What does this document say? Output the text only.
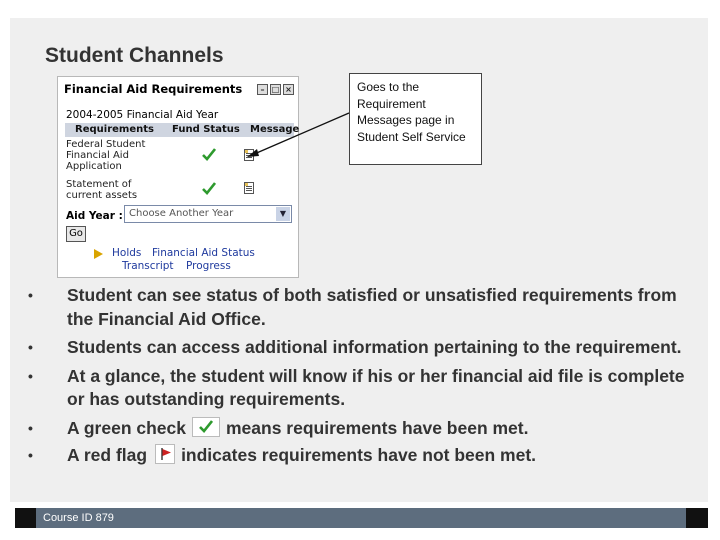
Student Channels
Financial Aid Requirements	– □ ×
2004-2005 Financial Aid Year
Requirements Fund Status Message
Federal Student Financial Aid Application
Statement of current assets
Aid Year : Choose Another Year	▼
Go
Holds Financial Aid Status
Transcript Progress
Goes to the Requirement Messages page in Student Self Service
• Student can see status of both satisfied or unsatisfied requirements from the Financial Aid Office.
• Students can access additional information pertaining to the requirement.
• At a glance, the student will know if his or her financial aid file is complete or has outstanding requirements.
• A green check means requirements have been met.
• A red flag indicates requirements have not been met.
Course ID 879
